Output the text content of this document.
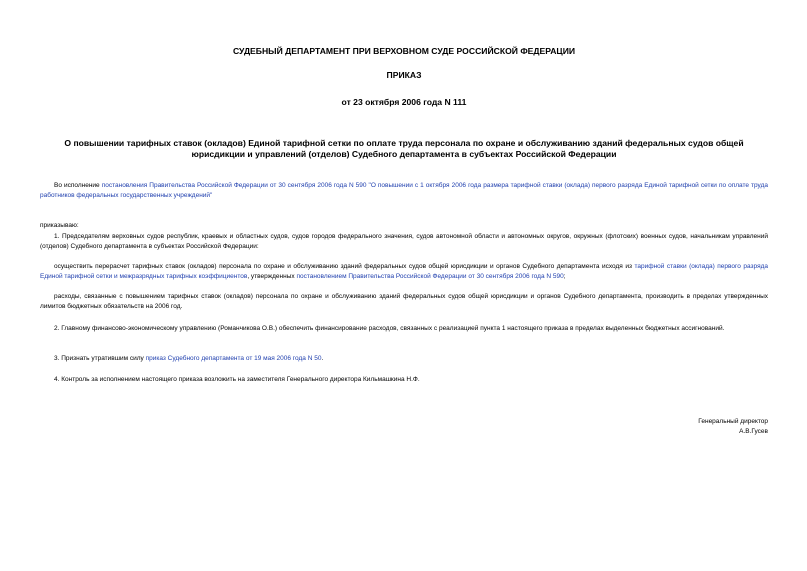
СУДЕБНЫЙ ДЕПАРТАМЕНТ ПРИ ВЕРХОВНОМ СУДЕ РОССИЙСКОЙ ФЕДЕРАЦИИ

ПРИКАЗ

от 23 октября 2006 года N 111

О повышении тарифных ставок (окладов) Единой тарифной сетки по оплате труда персонала по охране и обслуживанию зданий федеральных судов общей юрисдикции и управлений (отделов) Судебного департамента в субъектах Российской Федерации

Во исполнение постановления Правительства Российской Федерации от 30 сентября 2006 года N 590 "О повышении с 1 октября 2006 года размера тарифной ставки (оклада) первого разряда Единой тарифной сетки по оплате труда работников федеральных государственных учреждений"

приказываю:

1. Председателям верховных судов республик, краевых и областных судов, судов городов федерального значения, судов автономной области и автономных округов, окружных (флотских) военных судов, начальникам управлений (отделов) Судебного департамента в субъектах Российской Федерации:

осуществить перерасчет тарифных ставок (окладов) персонала по охране и обслуживанию зданий федеральных судов общей юрисдикции и органов Судебного департамента исходя из тарифной ставки (оклада) первого разряда Единой тарифной сетки и межразрядных тарифных коэффициентов, утвержденных постановлением Правительства Российской Федерации от 30 сентября 2006 года N 590;

расходы, связанные с повышением тарифных ставок (окладов) персонала по охране и обслуживанию зданий федеральных судов общей юрисдикции и органов Судебного департамента, производить в пределах утвержденных лимитов бюджетных обязательств на 2006 год.

2. Главному финансово-экономическому управлению (Романчикова О.В.) обеспечить финансирование расходов, связанных с реализацией пункта 1 настоящего приказа в пределах выделенных бюджетных ассигнований.

3. Признать утратившим силу приказ Судебного департамента от 19 мая 2006 года N 50.

4. Контроль за исполнением настоящего приказа возложить на заместителя Генерального директора Кильмашкина Н.Ф.

Генеральный директор

А.В.Гусев
